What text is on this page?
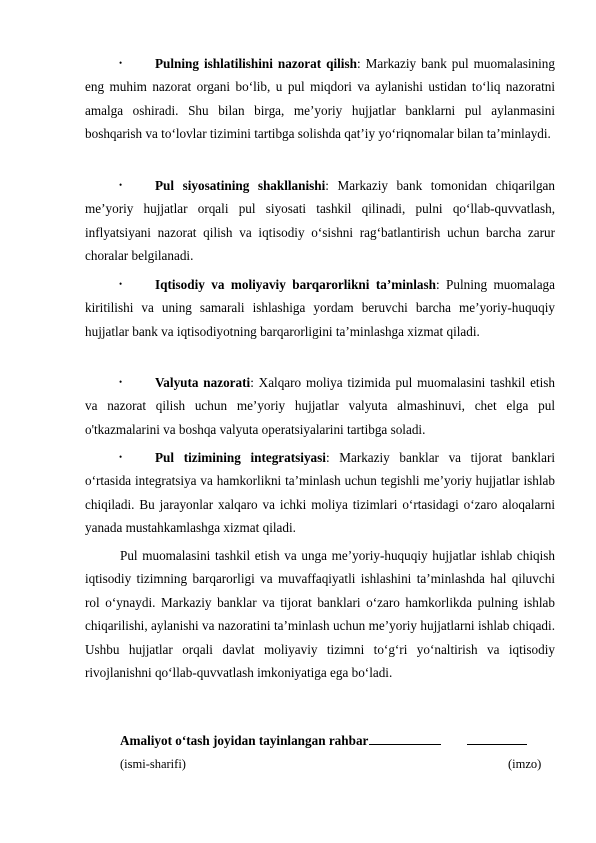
•	Pulning ishlatilishini nazorat qilish: Markaziy bank pul muomalasining eng muhim nazorat organi bo‘lib, u pul miqdori va aylanishi ustidan to‘liq nazoratni amalga oshiradi. Shu bilan birga, me’yoriy hujjatlar banklarni pul aylanmasini boshqarish va to‘lovlar tizimini tartibga solishda qat’iy yo‘riqnomalar bilan ta’minlaydi.
•	Pul siyosatining shakllanishi: Markaziy bank tomonidan chiqarilgan me’yoriy hujjatlar orqali pul siyosati tashkil qilinadi, pulni qo‘llab-quvvatlash, inflyatsiyani nazorat qilish va iqtisodiy o‘sishni rag‘batlantirish uchun barcha zarur choralar belgilanadi.
•	Iqtisodiy va moliyaviy barqarorlikni ta’minlash: Pulning muomalaga kiritilishi va uning samarali ishlashiga yordam beruvchi barcha me’yoriy-huquqiy hujjatlar bank va iqtisodiyotning barqarorligini ta’minlashga xizmat qiladi.
•	Valyuta nazorati: Xalqaro moliya tizimida pul muomalasini tashkil etish va nazorat qilish uchun me’yoriy hujjatlar valyuta almashinuvi, chet elga pul o'tkazmalarini va boshqa valyuta operatsiyalarini tartibga soladi.
•	Pul tizimining integratsiyasi: Markaziy banklar va tijorat banklari o‘rtasida integratsiya va hamkorlikni ta’minlash uchun tegishli me’yoriy hujjatlar ishlab chiqiladi. Bu jarayonlar xalqaro va ichki moliya tizimlari o‘rtasidagi o‘zaro aloqalarni yanada mustahkamlashga xizmat qiladi.
Pul muomalasini tashkil etish va unga me’yoriy-huquqiy hujjatlar ishlab chiqish iqtisodiy tizimning barqarorligi va muvaffaqiyatli ishlashini ta’minlashda hal qiluvchi rol o‘ynaydi. Markaziy banklar va tijorat banklari o‘zaro hamkorlikda pulning ishlab chiqarilishi, aylanishi va nazoratini ta’minlash uchun me’yoriy hujjatlarni ishlab chiqadi. Ushbu hujjatlar orqali davlat moliyaviy tizimni to‘g‘ri yo‘naltirish va iqtisodiy rivojlanishni qo‘llab-quvvatlash imkoniyatiga ega bo‘ladi.
Amaliyot o‘tash joyidan tayinlangan rahbar
(ismi-sharifi)	(imzo)
